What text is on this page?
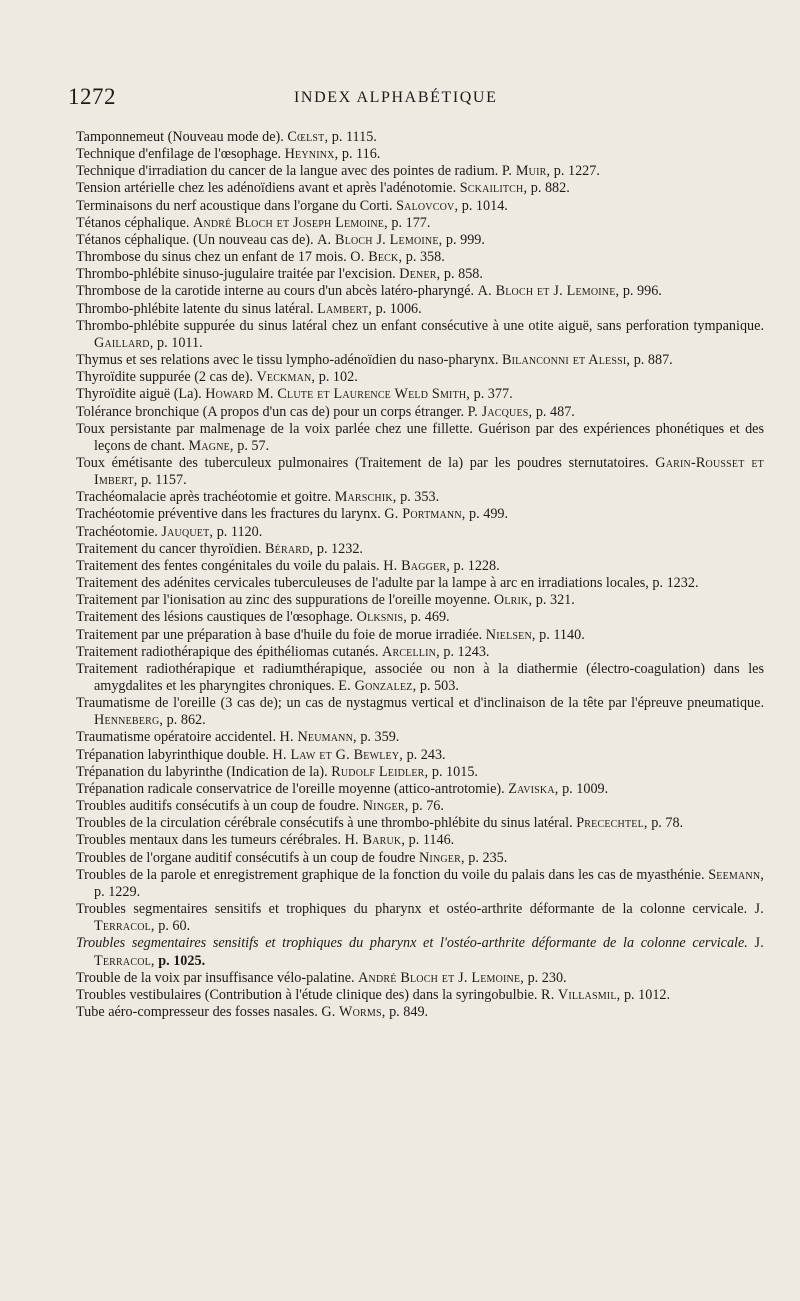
1272	INDEX ALPHABÉTIQUE

Tamponnemeut (Nouveau mode de). Cœlst, p. 1115.

Technique d'enfilage de l'œsophage. Heyninx, p. 116.

Technique d'irradiation du cancer de la langue avec des pointes de radium. P. Muir, p. 1227.

Tension artérielle chez les adénoïdiens avant et après l'adénotomie. Sckailitch, p. 882.

Terminaisons du nerf acoustique dans l'organe du Corti. Salovcov, p. 1014.

Tétanos céphalique. André Bloch et Joseph Lemoine, p. 177.

Tétanos céphalique. (Un nouveau cas de). A. Bloch J. Lemoine, p. 999.

Thrombose du sinus chez un enfant de 17 mois. O. Beck, p. 358.

Thrombo-phlébite sinuso-jugulaire traitée par l'excision. Dener, p. 858.

Thrombose de la carotide interne au cours d'un abcès latéro-pharyngé. A. Bloch et J. Lemoine, p. 996.

Thrombo-phlébite latente du sinus latéral. Lambert, p. 1006.

Thrombo-phlébite suppurée du sinus latéral chez un enfant consécutive à une otite aiguë, sans perforation tympanique. Gaillard, p. 1011.

Thymus et ses relations avec le tissu lympho-adénoïdien du naso-pharynx. Bilanconni et Alessi, p. 887.

Thyroïdite suppurée (2 cas de). Veckman, p. 102.

Thyroïdite aiguë (La). Howard M. Clute et Laurence Weld Smith, p. 377.

Tolérance bronchique (A propos d'un cas de) pour un corps étranger. P. Jacques, p. 487.

Toux persistante par malmenage de la voix parlée chez une fillette. Guérison par des expériences phonétiques et des leçons de chant. Magne, p. 57.

Toux émétisante des tuberculeux pulmonaires (Traitement de la) par les poudres sternutatoires. Garin-Rousset et Imbert, p. 1157.

Trachéomalacie après trachéotomie et goitre. Marschik, p. 353.

Trachéotomie préventive dans les fractures du larynx. G. Portmann, p. 499.

Trachéotomie. Jauquet, p. 1120.

Traitement du cancer thyroïdien. Bérard, p. 1232.

Traitement des fentes congénitales du voile du palais. H. Bagger, p. 1228.

Traitement des adénites cervicales tuberculeuses de l'adulte par la lampe à arc en irradiations locales, p. 1232.

Traitement par l'ionisation au zinc des suppurations de l'oreille moyenne. Olrik, p. 321.

Traitement des lésions caustiques de l'œsophage. Olksnis, p. 469.

Traitement par une préparation à base d'huile du foie de morue irradiée. Nielsen, p. 1140.

Traitement radiothérapique des épithéliomas cutanés. Arcellin, p. 1243.

Traitement radiothérapique et radiumthérapique, associée ou non à la diathermie (électro-coagulation) dans les amygdalites et les pharyngites chroniques. E. Gonzalez, p. 503.

Traumatisme de l'oreille (3 cas de); un cas de nystagmus vertical et d'inclinaison de la tête par l'épreuve pneumatique. Henneberg, p. 862.

Traumatisme opératoire accidentel. H. Neumann, p. 359.

Trépanation labyrinthique double. H. Law et G. Bewley, p. 243.

Trépanation du labyrinthe (Indication de la). Rudolf Leidler, p. 1015.

Trépanation radicale conservatrice de l'oreille moyenne (attico-antrotomie). Zaviska, p. 1009.

Troubles auditifs consécutifs à un coup de foudre. Ninger, p. 76.

Troubles de la circulation cérébrale consécutifs à une thrombo-phlébite du sinus latéral. Precechtel, p. 78.

Troubles mentaux dans les tumeurs cérébrales. H. Baruk, p. 1146.

Troubles de l'organe auditif consécutifs à un coup de foudre Ninger, p. 235.

Troubles de la parole et enregistrement graphique de la fonction du voile du palais dans les cas de myasthénie. Seemann, p. 1229.

Troubles segmentaires sensitifs et trophiques du pharynx et ostéo-arthrite déformante de la colonne cervicale. J. Terracol, p. 60.

Troubles segmentaires sensitifs et trophiques du pharynx et l'ostéo-arthrite déformante de la colonne cervicale. J. Terracol, p. 1025.

Trouble de la voix par insuffisance vélo-palatine. André Bloch et J. Lemoine, p. 230.

Troubles vestibulaires (Contribution à l'étude clinique des) dans la syringobulbie. R. Villasmil, p. 1012.

Tube aéro-compresseur des fosses nasales. G. Worms, p. 849.
